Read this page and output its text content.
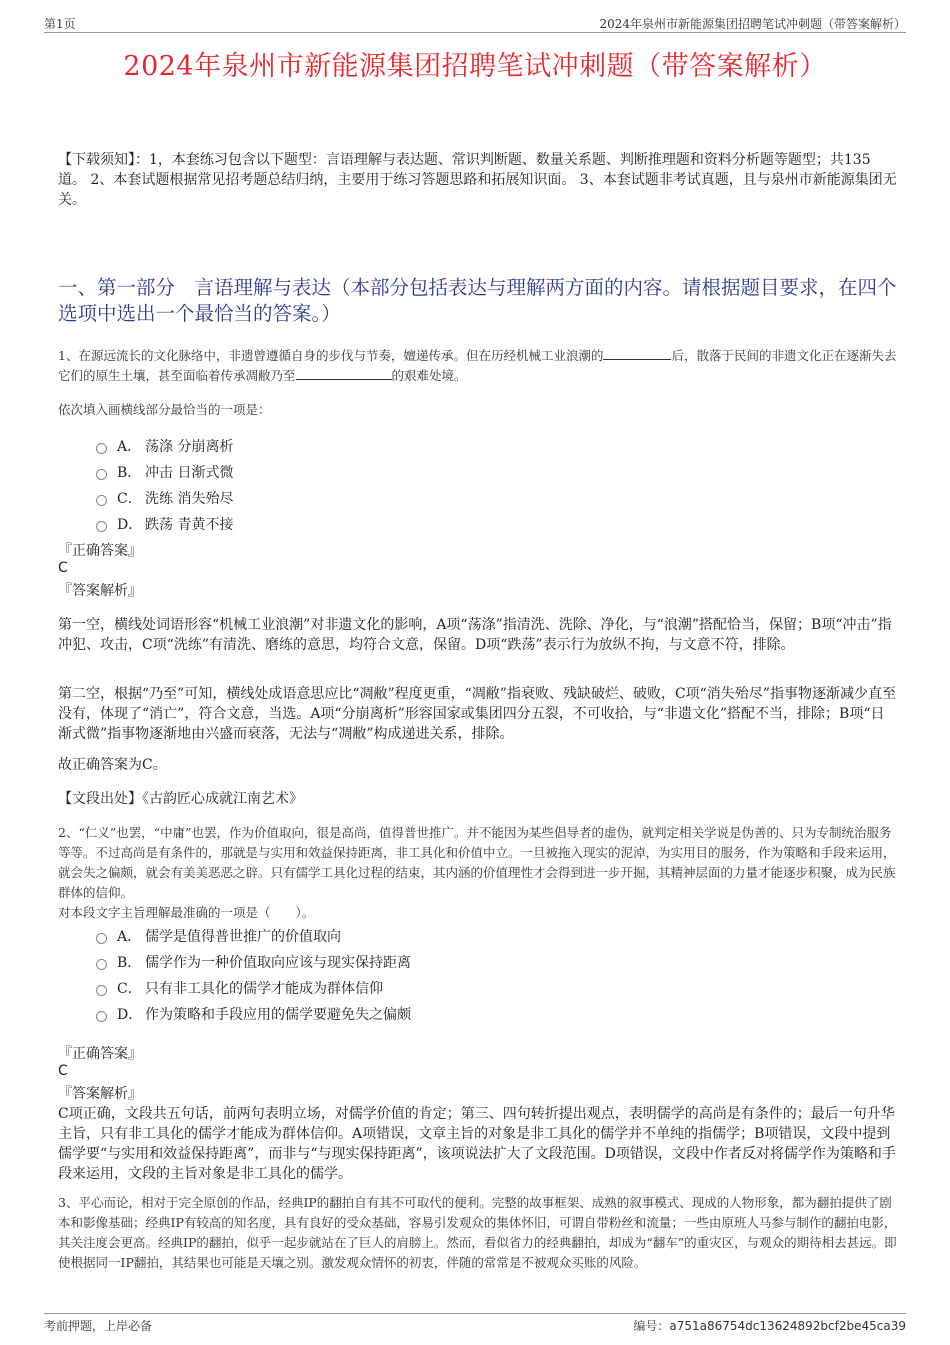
第1页	2024年泉州市新能源集团招聘笔试冲刺题（带答案解析）
2024年泉州市新能源集团招聘笔试冲刺题（带答案解析）
【下载须知】：1，本套练习包含以下题型：言语理解与表达题、常识判断题、数量关系题、判断推理题和资料分析题等题型；共135道。 2、本套试题根据常见招考题总结归纳，主要用于练习答题思路和拓展知识面。 3、本套试题非考试真题，且与泉州市新能源集团无关。
一、第一部分　言语理解与表达（本部分包括表达与理解两方面的内容。请根据题目要求，在四个选项中选出一个最恰当的答案。）
1、在源远流长的文化脉络中，非遗曾遵循自身的步伐与节奏，嬗递传承。但在历经机械工业浪潮的	后，散落于民间的非遗文化正在逐渐失去它们的原生土壤，甚至面临着传承凋敝乃至	的艰难处境。
依次填入画横线部分最恰当的一项是：
A． 荡涤 分崩离析
B． 冲击 日渐式微
C． 洗练 消失殆尽
D． 跌荡 青黄不接
『正确答案』
C
『答案解析』
第一空，横线处词语形容“机械工业浪潮”对非遗文化的影响，A项“荡涤”指清洗、洗除、净化，与“浪潮”搭配恰当，保留；B项“冲击”指冲犯、攻击，C项“洗练”有清洗、磨练的意思，均符合文意，保留。D项“跌荡”表示行为放纵不拘，与文意不符，排除。
第二空，根据“乃至”可知，横线处成语意思应比“凋敝”程度更重，“凋敝”指衰败、残缺破烂、破败，C项“消失殆尽”指事物逐渐减少直至没有，体现了“消亡”，符合文意，当选。A项“分崩离析”形容国家或集团四分五裂，不可收拾，与“非遗文化”搭配不当，排除；B项“日渐式微”指事物逐渐地由兴盛而衰落，无法与“凋敝”构成递进关系，排除。
故正确答案为C。
【文段出处】《古韵匠心成就江南艺术》
2、“仁义”也罢，“中庸”也罢，作为价值取向，很是高尚，值得普世推广。并不能因为某些倡导者的虚伪，就判定相关学说是伪善的、只为专制统治服务等等。不过高尚是有条件的，那就是与实用和效益保持距离，非工具化和价值中立。一旦被拖入现实的泥淖，为实用目的服务，作为策略和手段来运用，就会失之偏颇，就会有美美恶恶之辟。只有儒学工具化过程的结束，其内涵的价值理性才会得到进一步开掘，其精神层面的力量才能逐步积聚，成为民族群体的信仰。
对本段文字主旨理解最准确的一项是（　　）。
A． 儒学是值得普世推广的价值取向
B． 儒学作为一种价值取向应该与现实保持距离
C． 只有非工具化的儒学才能成为群体信仰
D． 作为策略和手段应用的儒学要避免失之偏颇
『正确答案』
C
『答案解析』
C项正确，文段共五句话，前两句表明立场，对儒学价值的肯定；第三、四句转折提出观点，表明儒学的高尚是有条件的；最后一句升华主旨，只有非工具化的儒学才能成为群体信仰。A项错误，文章主旨的对象是非工具化的儒学并不单纯的指儒学；B项错误，文段中提到儒学要“与实用和效益保持距离”，而非与“与现实保持距离”，该项说法扩大了文段范围。D项错误，文段中作者反对将儒学作为策略和手段来运用，文段的主旨对象是非工具化的儒学。
3、平心而论，相对于完全原创的作品，经典IP的翻拍自有其不可取代的便利。完整的故事框架、成熟的叙事模式、现成的人物形象，都为翻拍提供了剧本和影像基础；经典IP有较高的知名度，具有良好的受众基础，容易引发观众的集体怀旧，可谓自带粉丝和流量；一些由原班人马参与制作的翻拍电影，其关注度会更高。经典IP的翻拍，似乎一起步就站在了巨人的肩膀上。然而，看似省力的经典翻拍，却成为“翻车”的重灾区，与观众的期待相去甚远。即使根据同一IP翻拍，其结果也可能是天壤之别。激发观众情怀的初衷，伴随的常常是不被观众买账的风险。
考前押题，上岸必备	编号：a751a86754dc13624892bcf2be45ca39
